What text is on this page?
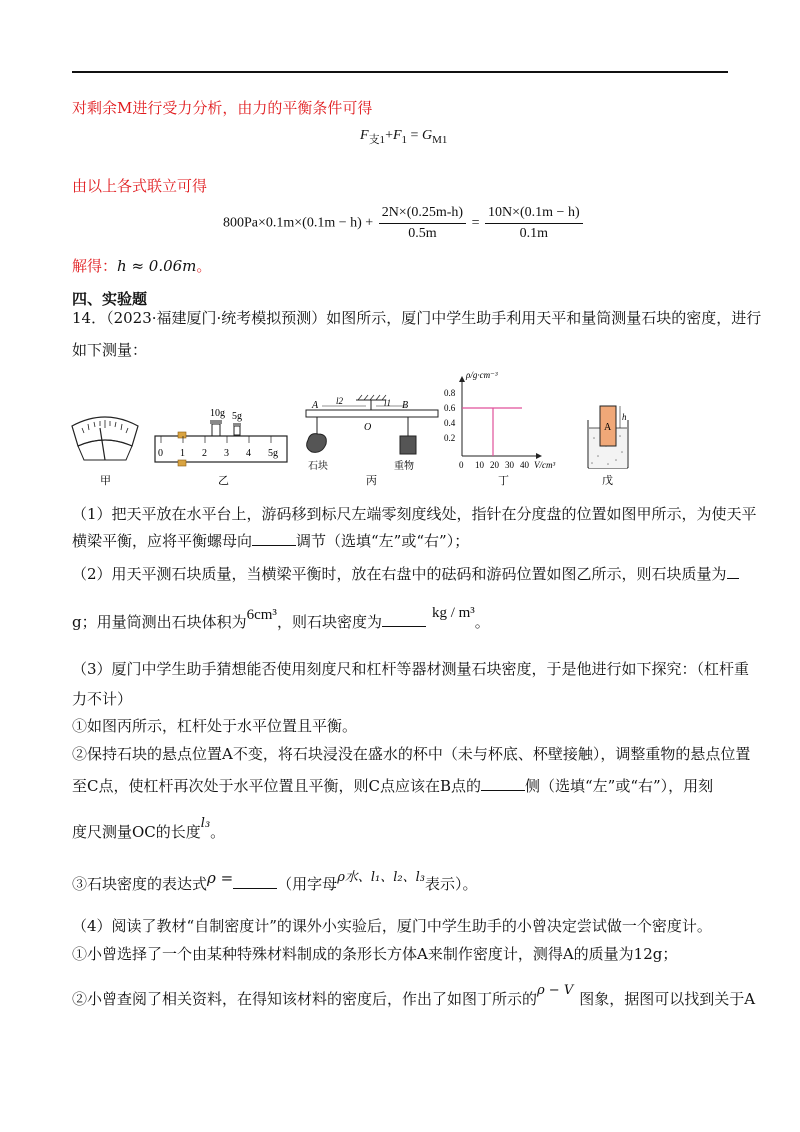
对剩余M进行受力分析，由力的平衡条件可得
$F_{支1}+F_1 = G_{M1}$
由以上各式联立可得
$800Pa\times 0.1m\times(0.1m - h) + \frac{2N\times(0.25m-h)}{0.5m} = \frac{10N\times(0.1m - h)}{0.1m}$
解得：h ≈ 0.06m。
四、实验题
14．（2023·福建厦门·统考模拟预测）如图所示，厦门中学生助手利用天平和量筒测量石块的密度，进行
如下测量：
甲
10g 5g
0 1 2 3 4 5g
乙
A	B
l2	l1
O
石块	重物
丙
ρ/g·cm⁻³
0.8
0.6
0.4
0.2
0 10 20 30 40 V/cm³
丁
A
h
戊
（1）把天平放在水平台上，游码移到标尺左端零刻度线处，指针在分度盘的位置如图甲所示，为使天平
横梁平衡，应将平衡螺母向	调节（选填“左”或“右”）；
（2）用天平测石块质量，当横梁平衡时，放在右盘中的砝码和游码位置如图乙所示，则石块质量为
g；用量筒测出石块体积为6cm³，则石块密度为	kg / m³。
（3）厦门中学生助手猜想能否使用刻度尺和杠杆等器材测量石块密度，于是他进行如下探究：（杠杆重
力不计）
①如图丙所示，杠杆处于水平位置且平衡。
②保持石块的悬点位置A不变，将石块浸没在盛水的杯中（未与杯底、杯壁接触），调整重物的悬点位置
至C点，使杠杆再次处于水平位置且平衡，则C点应该在B点的	侧（选填“左”或“右”），用刻
度尺测量OC的长度l₃。
③石块密度的表达式ρ =	（用字母ρ水、l₁、l₂、l₃表示）。
（4）阅读了教材“自制密度计”的课外小实验后，厦门中学生助手的小曾决定尝试做一个密度计。
①小曾选择了一个由某种特殊材料制成的条形长方体A来制作密度计，测得A的质量为12g；
②小曾查阅了相关资料，在得知该材料的密度后，作出了如图丁所示的ρ − V 图象，据图可以找到关于A
